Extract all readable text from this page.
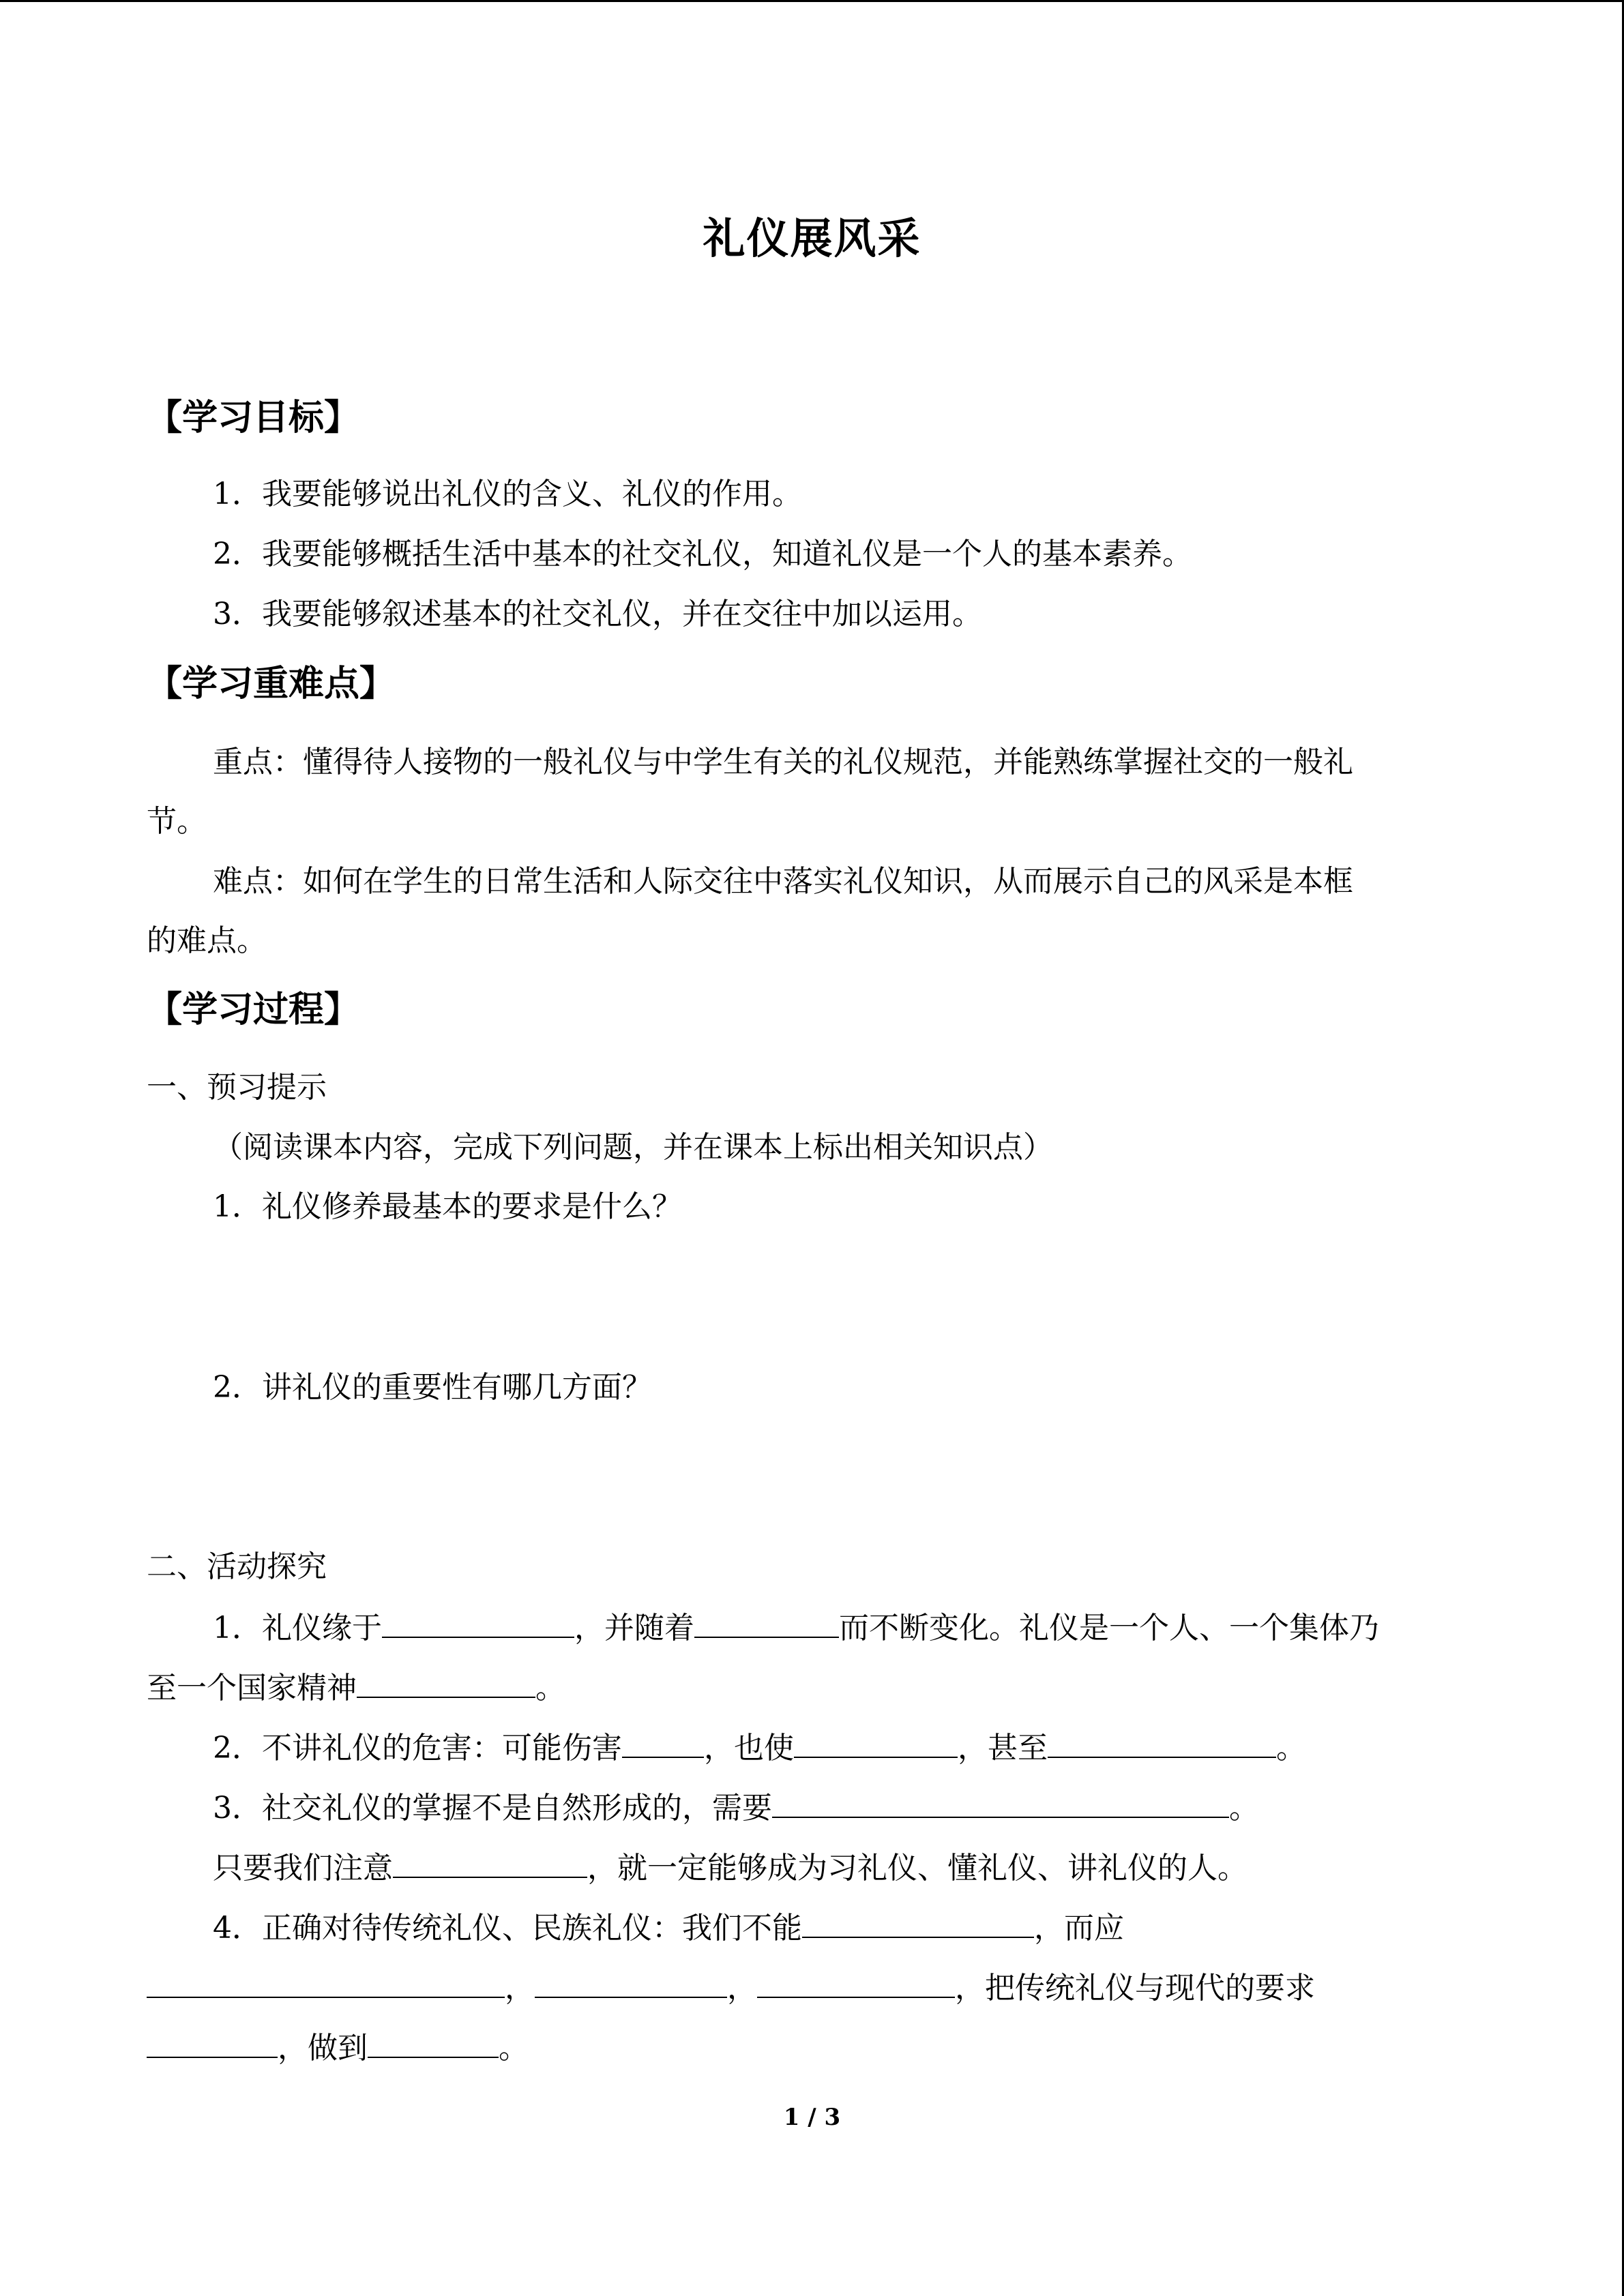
礼仪展风采
【学习目标】
1．我要能够说出礼仪的含义、礼仪的作用。
2．我要能够概括生活中基本的社交礼仪，知道礼仪是一个人的基本素养。
3．我要能够叙述基本的社交礼仪，并在交往中加以运用。
【学习重难点】
重点：懂得待人接物的一般礼仪与中学生有关的礼仪规范，并能熟练掌握社交的一般礼
节。
难点：如何在学生的日常生活和人际交往中落实礼仪知识，从而展示自己的风采是本框
的难点。
【学习过程】
一、预习提示
（阅读课本内容，完成下列问题，并在课本上标出相关知识点）
1．礼仪修养最基本的要求是什么？
2．讲礼仪的重要性有哪几方面？
二、活动探究
1．礼仪缘于	，并随着	而不断变化。礼仪是一个人、一个集体乃
至一个国家精神	。
2．不讲礼仪的危害：可能伤害	，也使	，甚至	。
3．社交礼仪的掌握不是自然形成的，需要	。
只要我们注意	，就一定能够成为习礼仪、懂礼仪、讲礼仪的人。
4．正确对待传统礼仪、民族礼仪：我们不能	，而应
，	，	，把传统礼仪与现代的要求
，做到	。
1 / 3
